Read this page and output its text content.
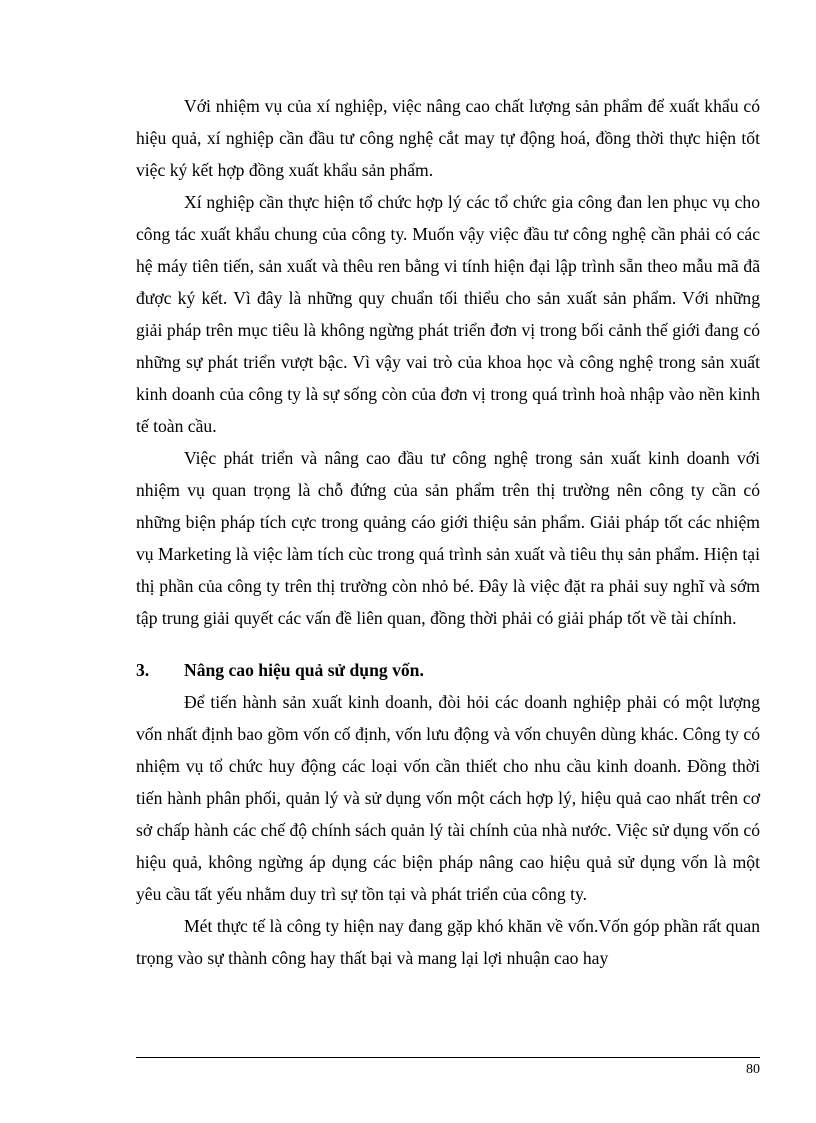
Với nhiệm vụ của xí nghiệp, việc nâng cao chất lượng sản phẩm để xuất khẩu có hiệu quả, xí nghiệp cần đầu tư công nghệ cắt may tự động hoá, đồng thời thực hiện tốt việc ký kết hợp đồng xuất khẩu sản phẩm.

Xí nghiệp cần thực hiện tổ chức hợp lý các tổ chức gia công đan len phục vụ cho công tác xuất khẩu chung của công ty. Muốn vậy việc đầu tư công nghệ cần phải có các hệ máy tiên tiến, sản xuất và thêu ren bằng vi tính hiện đại lập trình sẵn theo mẫu mã đã được ký kết. Vì đây là những quy chuẩn tối thiểu cho sản xuất sản phẩm. Với những giải pháp trên mục tiêu là không ngừng phát triển đơn vị trong bối cảnh thế giới đang có những sự phát triển vượt bậc. Vì vậy vai trò của khoa học và công nghệ trong sản xuất kinh doanh của công ty là sự sống còn của đơn vị trong quá trình hoà nhập vào nền kinh tế toàn cầu.

Việc phát triển và nâng cao đầu tư công nghệ trong sản xuất kinh doanh với nhiệm vụ quan trọng là chỗ đứng của sản phẩm trên thị trường nên công ty cần có những biện pháp tích cực trong quảng cáo giới thiệu sản phẩm. Giải pháp tốt các nhiệm vụ Marketing là việc làm tích cùc trong quá trình sản xuất và tiêu thụ sản phẩm. Hiện tại thị phần của công ty trên thị trường còn nhỏ bé. Đây là việc đặt ra phải suy nghĩ và sớm tập trung giải quyết các vấn đề liên quan, đồng thời phải có giải pháp tốt về tài chính.

3.	Nâng cao hiệu quả sử dụng vốn.

Để tiến hành sản xuất kinh doanh, đòi hỏi các doanh nghiệp phải có một lượng vốn nhất định bao gồm vốn cố định, vốn lưu động và vốn chuyên dùng khác. Công ty có nhiệm vụ tổ chức huy động các loại vốn cần thiết cho nhu cầu kinh doanh. Đồng thời tiến hành phân phối, quản lý và sử dụng vốn một cách hợp lý, hiệu quả cao nhất trên cơ sở chấp hành các chế độ chính sách quản lý tài chính của nhà nước. Việc sử dụng vốn có hiệu quả, không ngừng áp dụng các biện pháp nâng cao hiệu quả sử dụng vốn là một yêu cầu tất yếu nhằm duy trì sự tồn tại và phát triển của công ty.

Mét thực tế là công ty hiện nay đang gặp khó khăn về vốn.Vốn góp phần rất quan trọng vào sự thành công hay thất bại và mang lại lợi nhuận cao hay

80
